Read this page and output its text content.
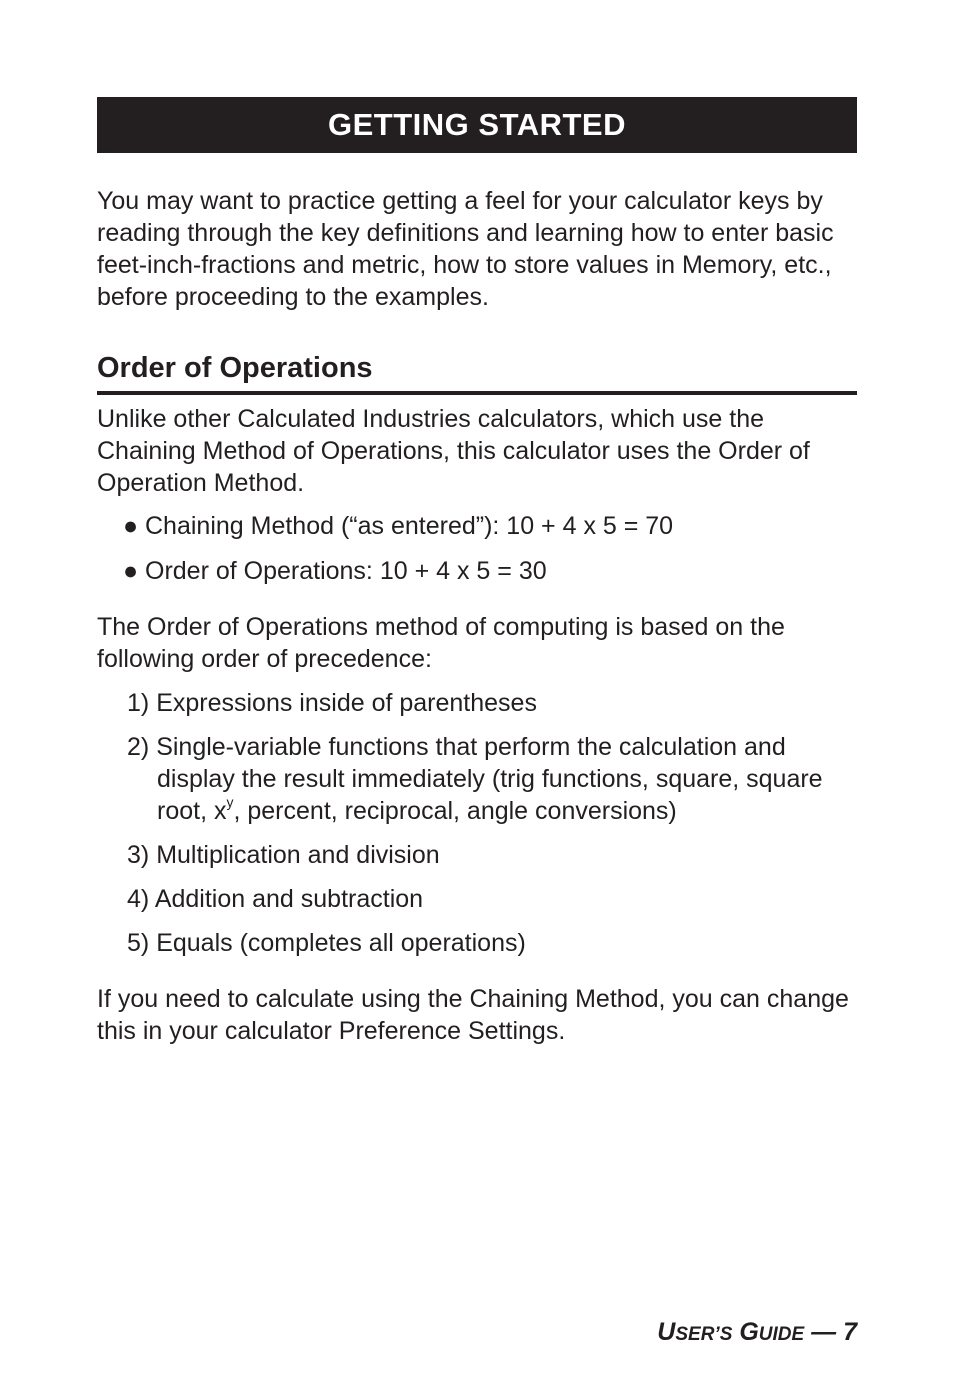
GETTING STARTED

You may want to practice getting a feel for your calculator keys by reading through the key definitions and learning how to enter basic feet-inch-fractions and metric, how to store values in Memory, etc., before proceeding to the examples.

Order of Operations

Unlike other Calculated Industries calculators, which use the Chaining Method of Operations, this calculator uses the Order of Operation Method.

● Chaining Method (“as entered”): 10 + 4 x 5 = 70
● Order of Operations: 10 + 4 x 5 = 30

The Order of Operations method of computing is based on the following order of precedence:

1) Expressions inside of parentheses
2) Single-variable functions that perform the calculation and display the result immediately (trig functions, square, square root, $x^y$, percent, reciprocal, angle conversions)
3) Multiplication and division
4) Addition and subtraction
5) Equals (completes all operations)

If you need to calculate using the Chaining Method, you can change this in your calculator Preference Settings.

USER’S GUIDE — 7
